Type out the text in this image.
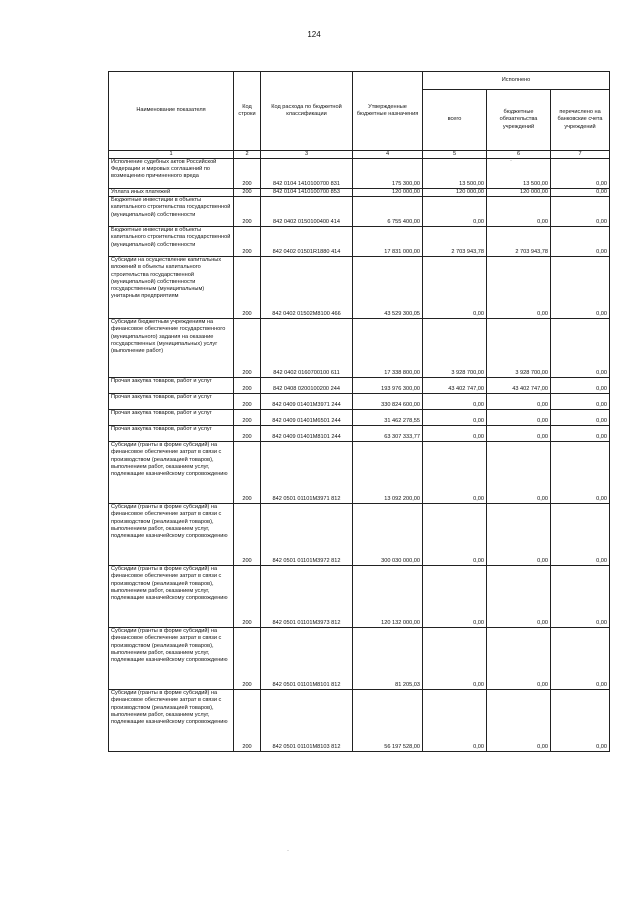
124
Наименование показателя	Код строки	Код расхода по бюджетной классификации	Утвержденные бюджетные назначения	Исполнено		
				всего	бюджетные обязательства учреждений	перечислено на банковские счета учреждений
1	2	3	4	5	6	7
Исполнение судебных актов Российской Федерации и мировых соглашений по возмещению причиненного вреда	200	842 0104 1410100700 831	175 300,00	13 500,00	13 500,00	0,00
Уплата иных платежей	200	842 0104 1410100700 853	120 000,00	120 000,00	120 000,00	0,00
Бюджетные инвестиции в объекты капитального строительства государственной (муниципальной) собственности	200	842 0402 0150100400 414	6 755 400,00	0,00	0,00	0,00
Бюджетные инвестиции в объекты капитального строительства государственной (муниципальной) собственности	200	842 0402 01501R1880 414	17 831 000,00	2 703 943,78	2 703 943,78	0,00
Субсидии на осуществление капитальных вложений в объекты капитального строительства государственной (муниципальной) собственности государственным (муниципальным) унитарным предприятиям	200	842 0402 01502M8100 466	43 529 300,05	0,00	0,00	0,00
Субсидии бюджетным учреждениям на финансовое обеспечение государственного (муниципального) задания на оказание государственных (муниципальных) услуг (выполнение работ)	200	842 0402 0160700100 611	17 338 800,00	3 928 700,00	3 928 700,00	0,00
Прочая закупка товаров, работ и услуг	200	842 0408 0200100200 244	193 976 300,00	43 402 747,00	43 402 747,00	0,00
Прочая закупка товаров, работ и услуг	200	842 0409 01401M3971 244	330 824 600,00	0,00	0,00	0,00
Прочая закупка товаров, работ и услуг	200	842 0409 01401M6501 244	31 462 278,55	0,00	0,00	0,00
Прочая закупка товаров, работ и услуг	200	842 0409 01401M8101 244	63 307 333,77	0,00	0,00	0,00
Субсидии (гранты в форме субсидий) на финансовое обеспечение затрат в связи с производством (реализацией товаров), выполнением работ, оказанием услуг, подлежащие казначейскому сопровождению	200	842 0501 01101M3971 812	13 092 200,00	0,00	0,00	0,00
Субсидии (гранты в форме субсидий) на финансовое обеспечение затрат в связи с производством (реализацией товаров), выполнением работ, оказанием услуг, подлежащие казначейскому сопровождению	200	842 0501 01101M3972 812	300 030 000,00	0,00	0,00	0,00
Субсидии (гранты в форме субсидий) на финансовое обеспечение затрат в связи с производством (реализацией товаров), выполнением работ, оказанием услуг, подлежащие казначейскому сопровождению	200	842 0501 01101M3973 812	120 132 000,00	0,00	0,00	0,00
Субсидии (гранты в форме субсидий) на финансовое обеспечение затрат в связи с производством (реализацией товаров), выполнением работ, оказанием услуг, подлежащие казначейскому сопровождению	200	842 0501 01101M8101 812	81 205,03	0,00	0,00	0,00
Субсидии (гранты в форме субсидий) на финансовое обеспечение затрат в связи с производством (реализацией товаров), выполнением работ, оказанием услуг, подлежащие казначейскому сопровождению	200	842 0501 01101M8103 812	56 197 528,00	0,00	0,00	0,00
·
·
